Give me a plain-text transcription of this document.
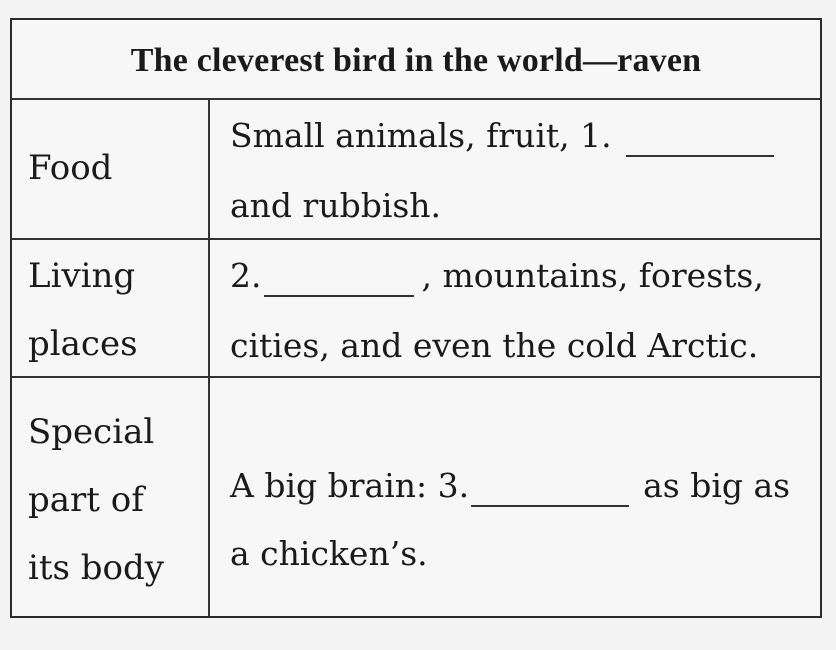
The cleverest bird in the world—raven
Food
Small animals, fruit, 1.
and rubbish.
Living
places
2.	, mountains, forests,
cities, and even the cold Arctic.
Special
part of
its body
A big brain: 3.	as big as
a chicken’s.
